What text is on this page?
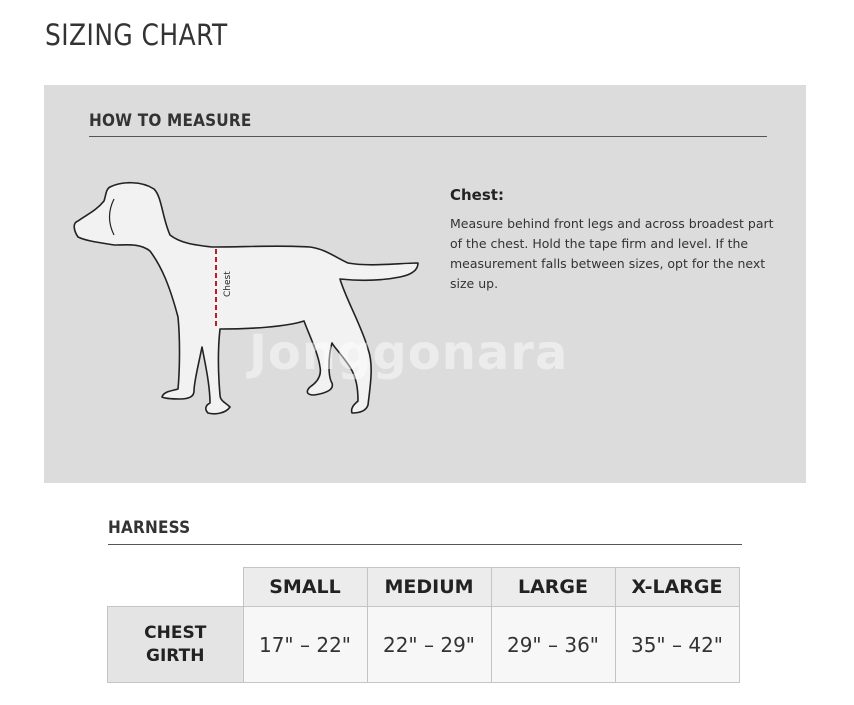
SIZING CHART
HOW TO MEASURE
Chest
Chest:
Measure behind front legs and across broadest part of the chest. Hold the tape firm and level. If the measurement falls between sizes, opt for the next size up.
Jonggonara
HARNESS
	SMALL	MEDIUM	LARGE	X-LARGE

CHEST
GIRTH	17" – 22"	22" – 29"	29" – 36"	35" – 42"
